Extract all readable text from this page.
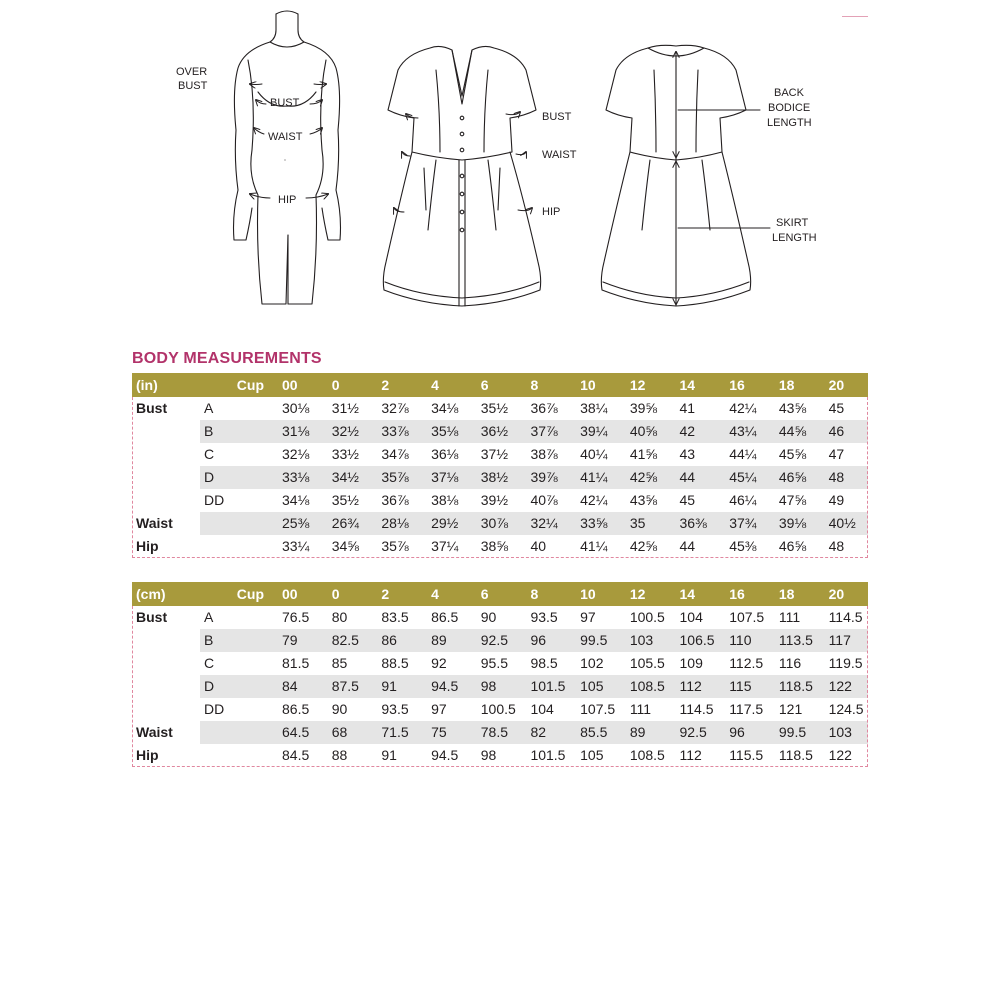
OVER
BUST
BUST
WAIST
HIP
BUST
WAIST
HIP
BACK
BODICE
LENGTH
SKIRT
LENGTH
BODY MEASUREMENTS
(in)	Cup	00	0	2	4	6	8	10	12	14	16	18	20
Bust	A	30⅛	31½	32⅞	34⅛	35½	36⅞	38¼	39⅝	41	42¼	43⅝	45
	B	31⅛	32½	33⅞	35⅛	36½	37⅞	39¼	40⅝	42	43¼	44⅝	46
	C	32⅛	33½	34⅞	36⅛	37½	38⅞	40¼	41⅝	43	44¼	45⅝	47
	D	33⅛	34½	35⅞	37⅛	38½	39⅞	41¼	42⅝	44	45¼	46⅝	48
	DD	34⅛	35½	36⅞	38⅛	39½	40⅞	42¼	43⅝	45	46¼	47⅝	49
Waist		25⅜	26¾	28⅛	29½	30⅞	32¼	33⅝	35	36⅜	37¾	39⅛	40½
Hip		33¼	34⅝	35⅞	37¼	38⅝	40	41¼	42⅝	44	45⅜	46⅝	48
(cm)	Cup	00	0	2	4	6	8	10	12	14	16	18	20
Bust	A	76.5	80	83.5	86.5	90	93.5	97	100.5	104	107.5	111	114.5
	B	79	82.5	86	89	92.5	96	99.5	103	106.5	110	113.5	117
	C	81.5	85	88.5	92	95.5	98.5	102	105.5	109	112.5	116	119.5
	D	84	87.5	91	94.5	98	101.5	105	108.5	112	115	118.5	122
	DD	86.5	90	93.5	97	100.5	104	107.5	111	114.5	117.5	121	124.5
Waist		64.5	68	71.5	75	78.5	82	85.5	89	92.5	96	99.5	103
Hip		84.5	88	91	94.5	98	101.5	105	108.5	112	115.5	118.5	122
